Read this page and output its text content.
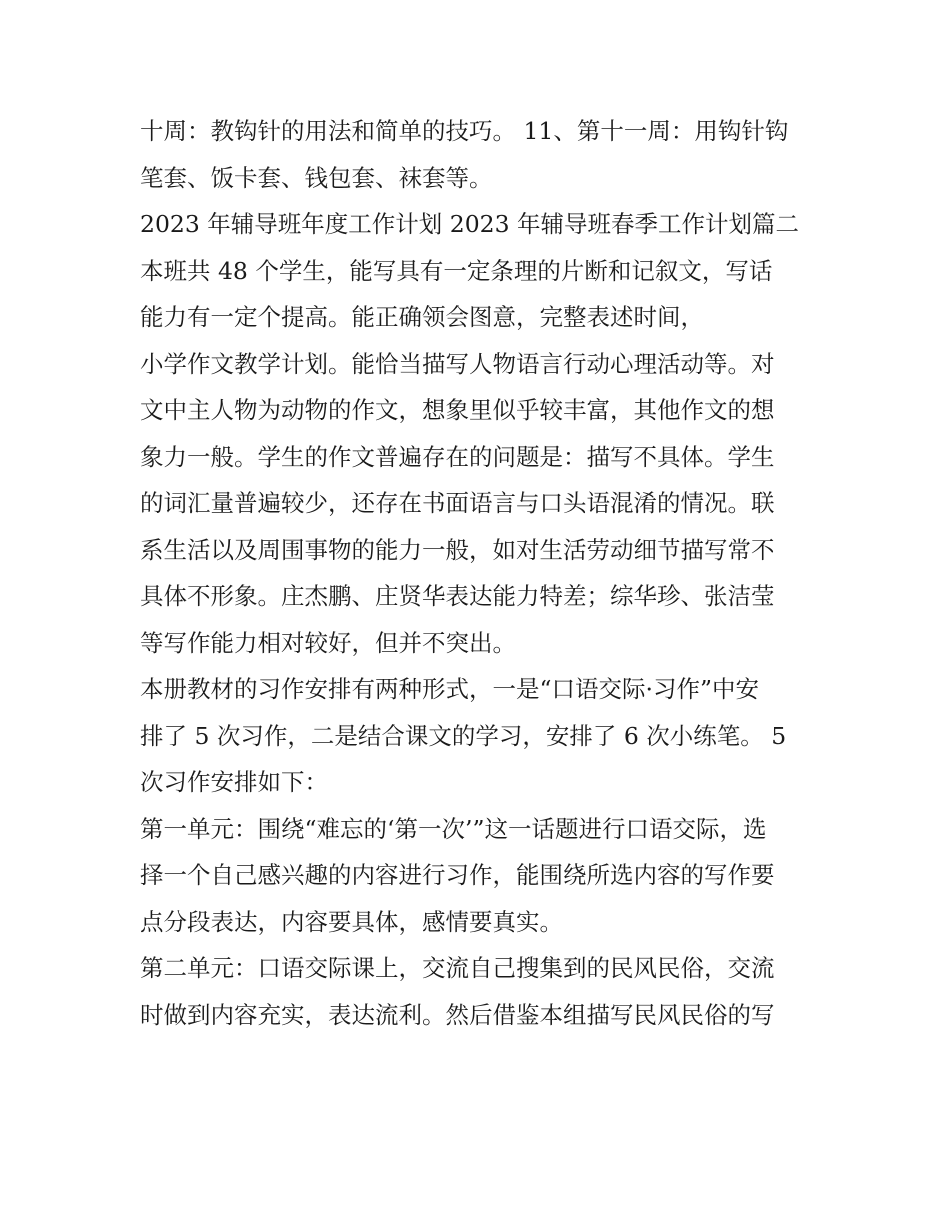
十周：教钩针的用法和简单的技巧。 11、第十一周：用钩针钩
笔套、饭卡套、钱包套、袜套等。
2023 年辅导班年度工作计划 2023 年辅导班春季工作计划篇二
本班共 48 个学生，能写具有一定条理的片断和记叙文，写话
能力有一定个提高。能正确领会图意，完整表述时间，
小学作文教学计划。能恰当描写人物语言行动心理活动等。对
文中主人物为动物的作文，想象里似乎较丰富，其他作文的想
象力一般。学生的作文普遍存在的问题是：描写不具体。学生
的词汇量普遍较少，还存在书面语言与口头语混淆的情况。联
系生活以及周围事物的能力一般，如对生活劳动细节描写常不
具体不形象。庄杰鹏、庄贤华表达能力特差；综华珍、张洁莹
等写作能力相对较好，但并不突出。
本册教材的习作安排有两种形式，一是“口语交际·习作”中安
排了 5 次习作，二是结合课文的学习，安排了 6 次小练笔。 5
次习作安排如下：
第一单元：围绕“难忘的‘第一次’”这一话题进行口语交际，选
择一个自己感兴趣的内容进行习作，能围绕所选内容的写作要
点分段表达，内容要具体，感情要真实。
第二单元：口语交际课上，交流自己搜集到的民风民俗，交流
时做到内容充实，表达流利。然后借鉴本组描写民风民俗的写
